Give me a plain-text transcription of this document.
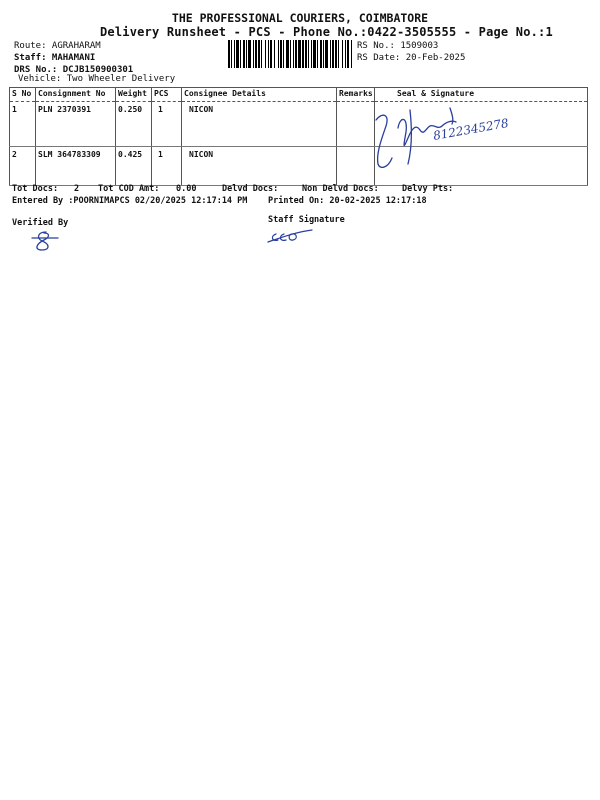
THE PROFESSIONAL COURIERS, COIMBATORE
Delivery Runsheet - PCS - Phone No.:0422-3505555 - Page No.:1
Route: AGRAHARAM
Staff: MAHAMANI
DRS No.: DCJB150900301
Vehicle: Two Wheeler Delivery
RS No.: 1509003
RS Date: 20-Feb-2025
S No	Consignment No	Weight	PCS	Consignee Details	Remarks	Seal & Signature
1	PLN 2370391	0.250	1	NICON		
2	SLM 364783309	0.425	1	NICON		
8122345278
Tot Docs: 2 Tot COD Amt: 0.00	Delvd Docs:	Non Delvd Docs:	Delvy Pts:
Entered By :POORNIMAPCS 02/20/2025 12:17:14 PM Printed On: 20-02-2025 12:17:18
Verified By	Staff Signature
